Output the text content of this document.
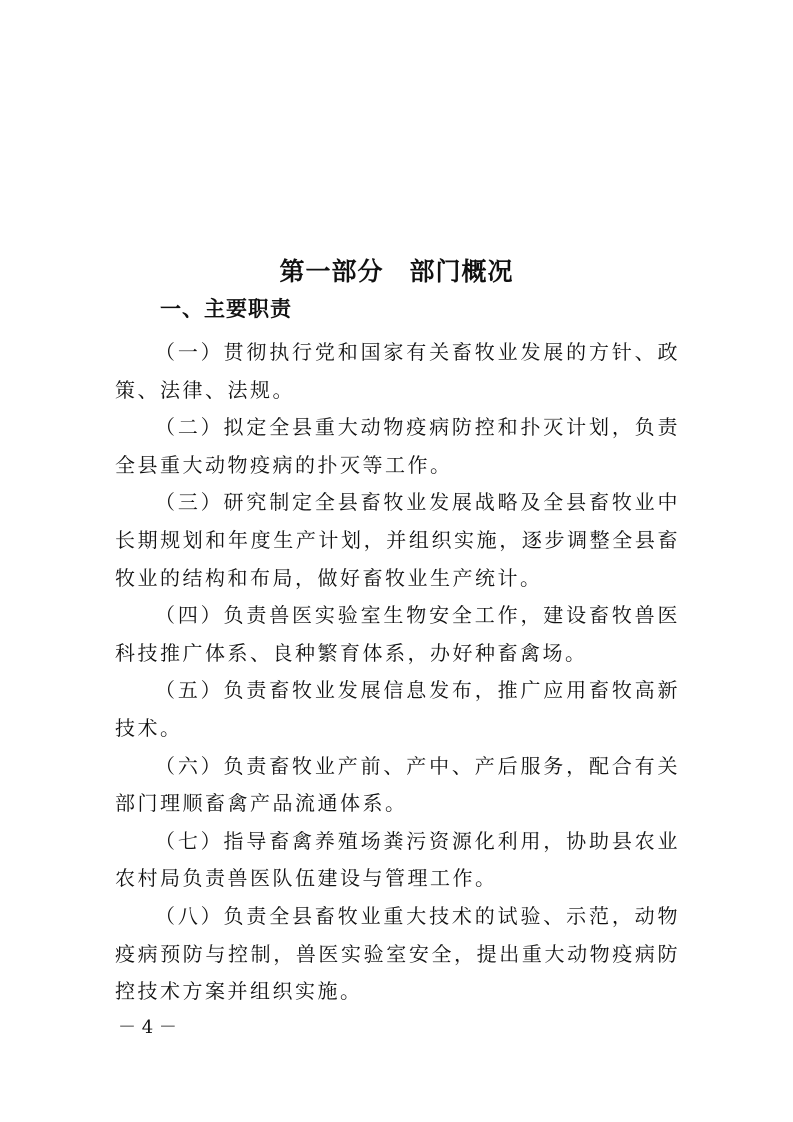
第一部分　部门概况
一、主要职责

（一）贯彻执行党和国家有关畜牧业发展的方针、政策、法律、法规。

（二）拟定全县重大动物疫病防控和扑灭计划，负责全县重大动物疫病的扑灭等工作。

（三）研究制定全县畜牧业发展战略及全县畜牧业中长期规划和年度生产计划，并组织实施，逐步调整全县畜牧业的结构和布局，做好畜牧业生产统计。

（四）负责兽医实验室生物安全工作，建设畜牧兽医科技推广体系、良种繁育体系，办好种畜禽场。

（五）负责畜牧业发展信息发布，推广应用畜牧高新技术。

（六）负责畜牧业产前、产中、产后服务，配合有关部门理顺畜禽产品流通体系。

（七）指导畜禽养殖场粪污资源化利用，协助县农业农村局负责兽医队伍建设与管理工作。

（八）负责全县畜牧业重大技术的试验、示范，动物疫病预防与控制，兽医实验室安全，提出重大动物疫病防控技术方案并组织实施。

－ 4 －
